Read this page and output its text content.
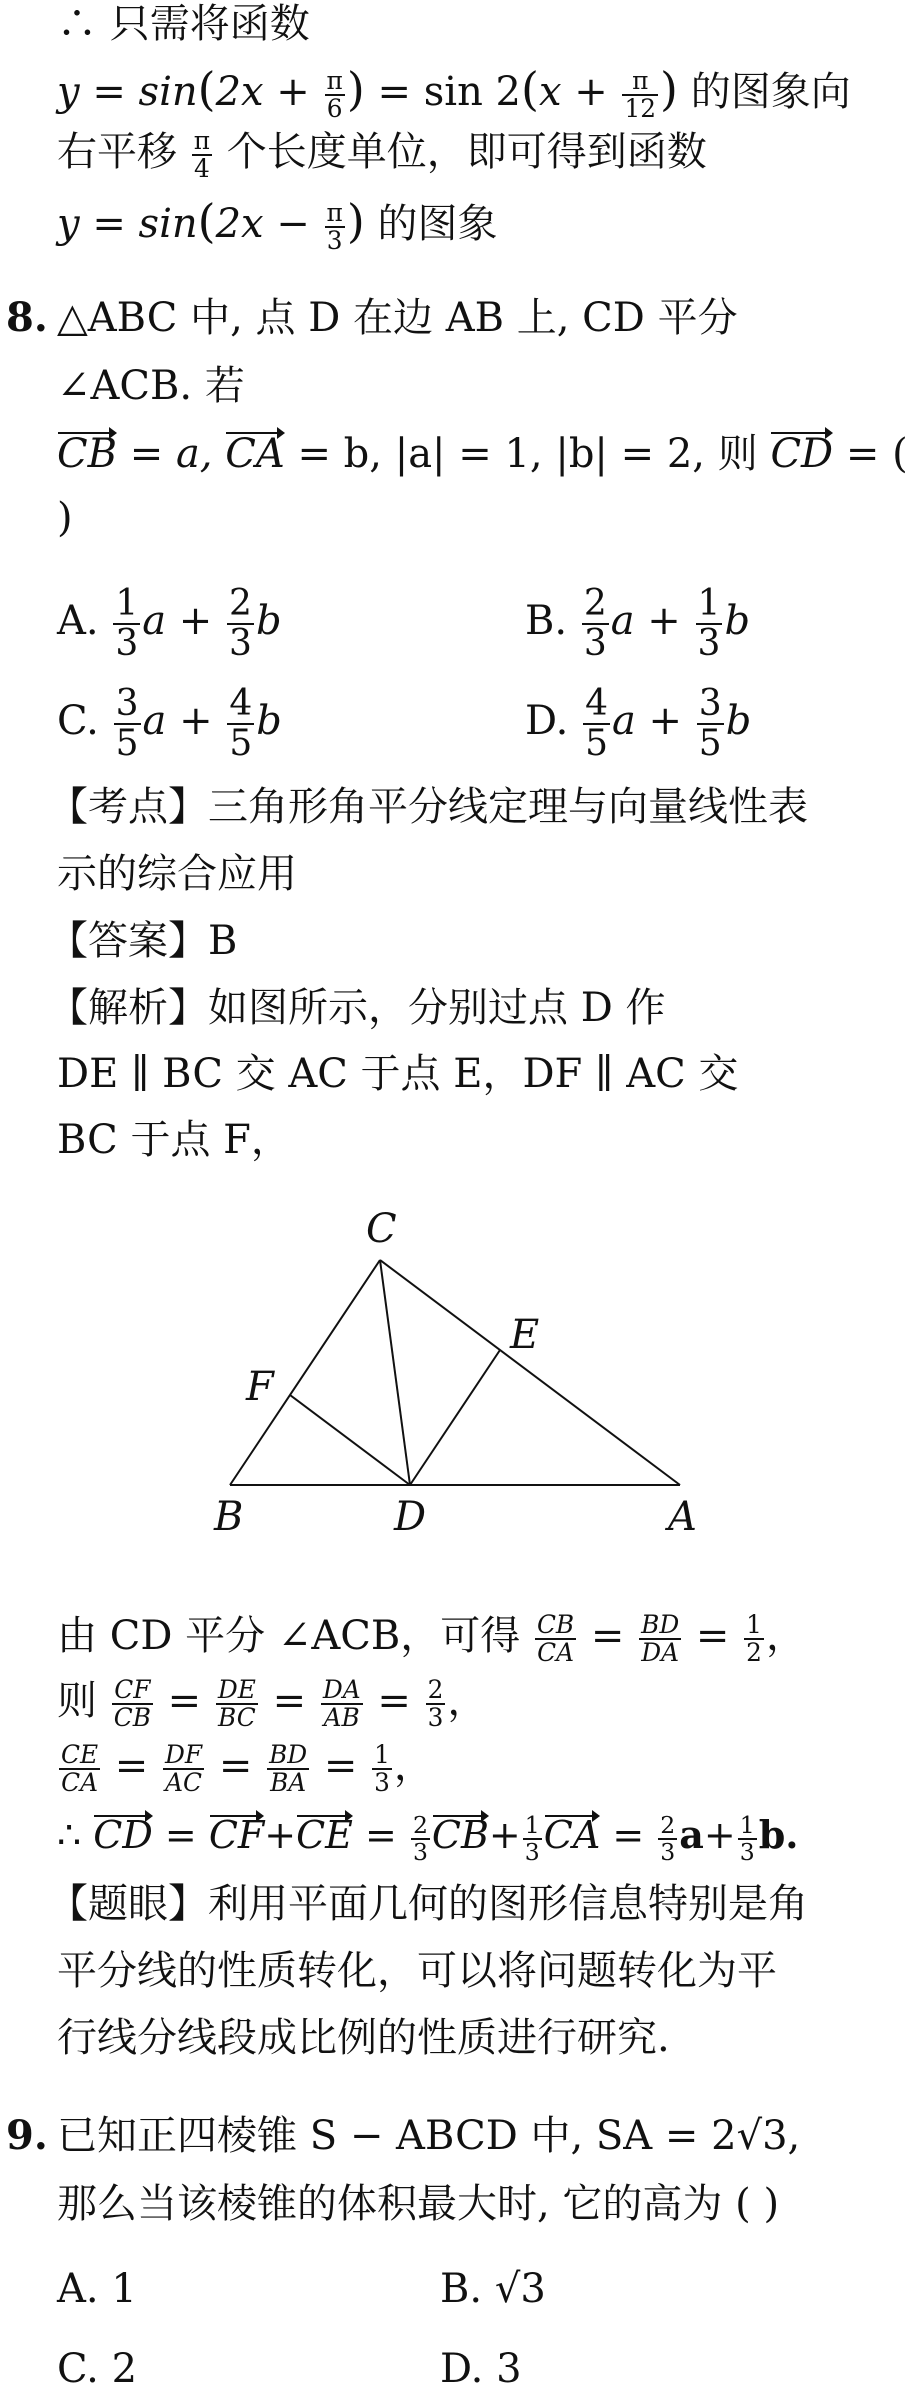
∴ 只需将函数
$y = \sin(2x + \frac{\pi}{6}$ ) = $\sin 2(x + \frac{\pi}{12}$ ) 的图象向
右平移 $\frac{\pi}{4}$ 个长度单位，即可得到函数
$y = \sin(2x - \frac{\pi}{3}$ ) 的图象
8. △ABC 中, 点 D 在边 AB 上, CD 平分
∠ACB. 若
CB = a, CA = b, |a| = 1, |b| = 2, 则 CD = (
)
A. $\frac{1}{3}$ $a + \frac{2}{3}$ b	B. $\frac{2}{3}$ $a + \frac{1}{3}$ b
C. $\frac{3}{5}$ $a + \frac{4}{5}$ b	D. $\frac{4}{5}$ $a + \frac{3}{5}$ b
【考点】三角形角平分线定理与向量线性表
示的综合应用
【答案】B
【解析】如图所示，分别过点 D 作
DE ∥ BC 交 AC 于点 E，DF ∥ AC 交
BC 于点 F，
C
E
F
B	D	A
由 CD 平分 ∠ACB，可得 $\frac{CB}{CA} = \frac{BD}{DA} = \frac{1}{2}$ ，
则 $\frac{CF}{CB} = \frac{DE}{BC} = \frac{DA}{AB} = \frac{2}{3}$ ，
$\frac{CE}{CA} = \frac{DF}{AC} = \frac{BD}{BA} = \frac{1}{3}$ ，
∴ CD = $CF+CE = \frac{2}{3} CB+ \frac{1}{3}$ CA = $\frac{2}{3} a+ \frac{1}{3} b$.
【题眼】利用平面几何的图形信息特别是角
平分线的性质转化，可以将问题转化为平
行线分线段成比例的性质进行研究.
9. 已知正四棱锥 S − ABCD 中, SA = 2√3,
那么当该棱锥的体积最大时, 它的高为 ( )
A. 1	B. √3
C. 2	D. 3
